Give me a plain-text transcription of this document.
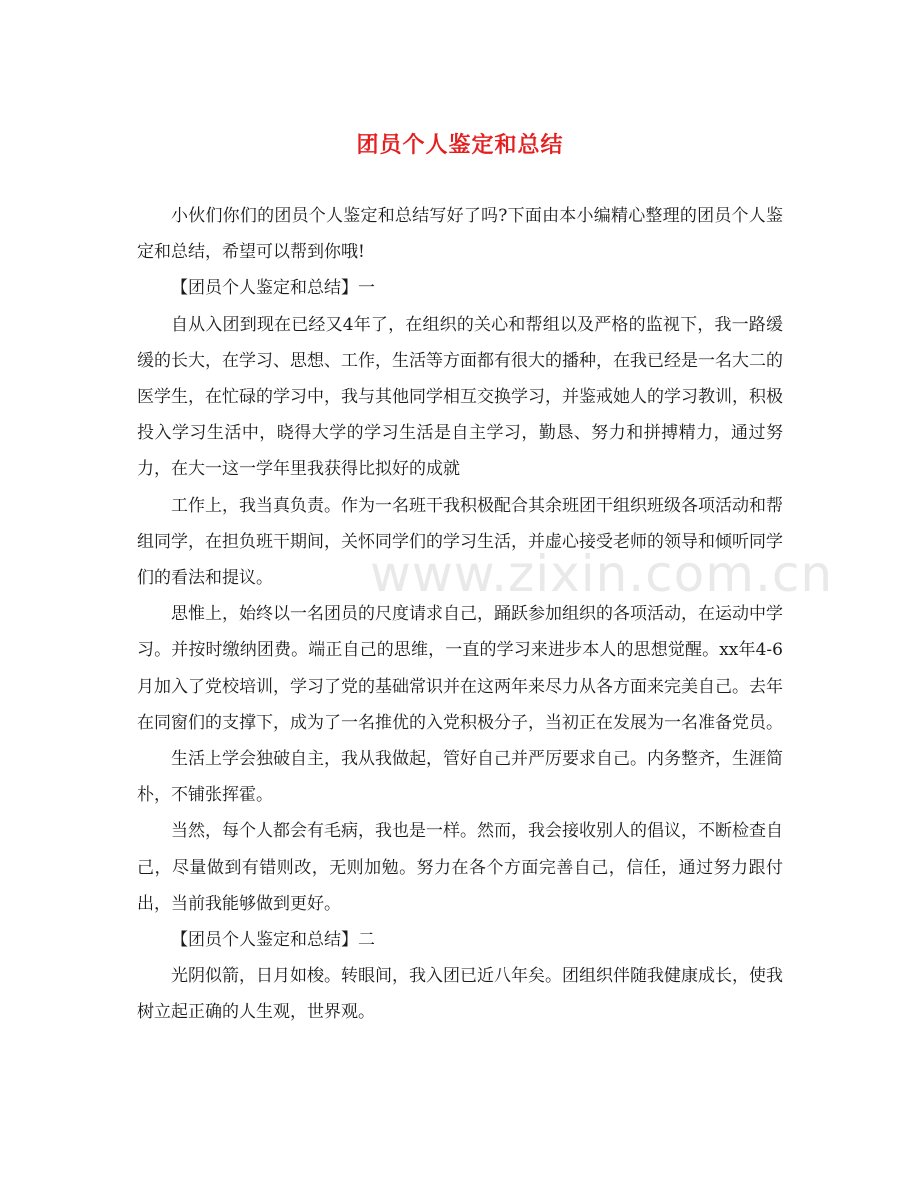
www.zixin.com.cn
团员个人鉴定和总结

小伙们你们的团员个人鉴定和总结写好了吗?下面由本小编精心整理的团员个人鉴定和总结，希望可以帮到你哦!

【团员个人鉴定和总结】一

自从入团到现在已经又4年了，在组织的关心和帮组以及严格的监视下，我一路缓缓的长大，在学习、思想、工作，生活等方面都有很大的播种，在我已经是一名大二的医学生，在忙碌的学习中，我与其他同学相互交换学习，并鉴戒她人的学习教训，积极投入学习生活中，晓得大学的学习生活是自主学习，勤恳、努力和拼搏精力，通过努力，在大一这一学年里我获得比拟好的成就

工作上，我当真负责。作为一名班干我积极配合其余班团干组织班级各项活动和帮组同学，在担负班干期间，关怀同学们的学习生活，并虚心接受老师的领导和倾听同学们的看法和提议。

思惟上，始终以一名团员的尺度请求自己，踊跃参加组织的各项活动，在运动中学习。并按时缴纳团费。端正自己的思维，一直的学习来进步本人的思想觉醒。xx年4-6月加入了党校培训，学习了党的基础常识并在这两年来尽力从各方面来完美自己。去年在同窗们的支撑下，成为了一名推优的入党积极分子，当初正在发展为一名准备党员。

生活上学会独破自主，我从我做起，管好自己并严厉要求自己。内务整齐，生涯简朴，不铺张挥霍。

当然，每个人都会有毛病，我也是一样。然而，我会接收别人的倡议，不断检查自己，尽量做到有错则改，无则加勉。努力在各个方面完善自己，信任，通过努力跟付出，当前我能够做到更好。

【团员个人鉴定和总结】二

光阴似箭，日月如梭。转眼间，我入团已近八年矣。团组织伴随我健康成长，使我树立起正确的人生观，世界观。
